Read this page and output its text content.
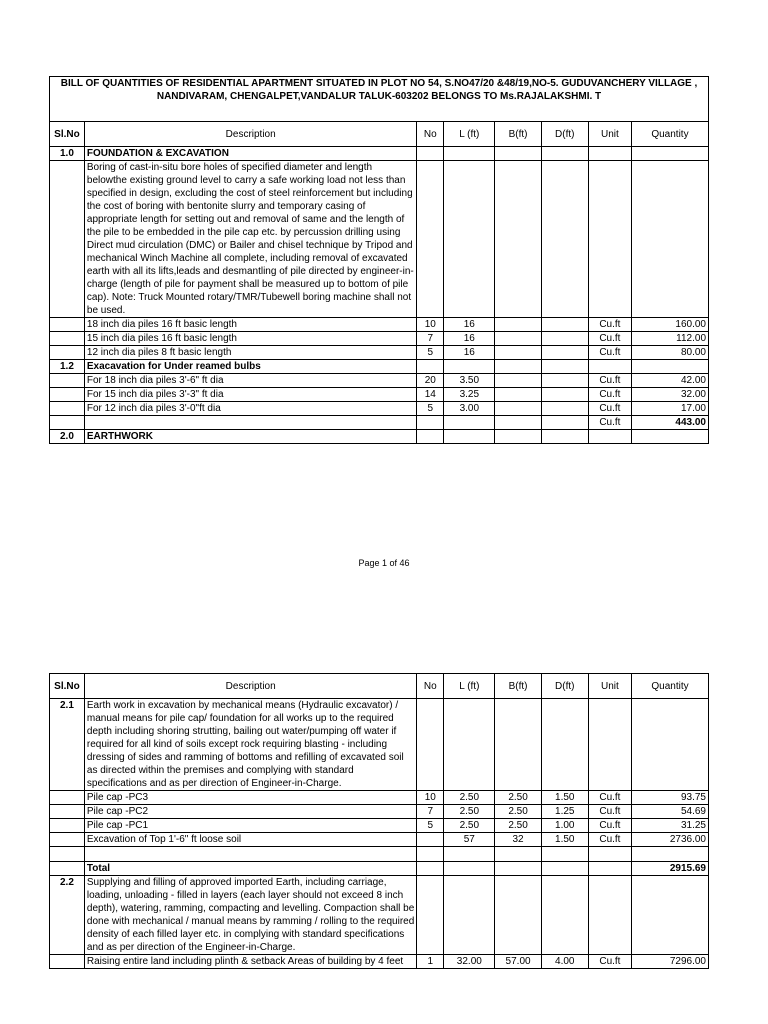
BILL OF QUANTITIES OF RESIDENTIAL APARTMENT SITUATED IN PLOT NO 54, S.NO47/20 &48/19,NO-5. GUDUVANCHERY VILLAGE , NANDIVARAM, CHENGALPET,VANDALUR TALUK-603202 BELONGS TO Ms.RAJALAKSHMI. T							
Sl.No	Description	No	L (ft)	B(ft)	D(ft)	Unit	Quantity
1.0	FOUNDATION & EXCAVATION						
	Boring of cast-in-situ bore holes of specified diameter and length belowthe existing ground level to carry a safe working load not less than specified in design, excluding the cost of steel reinforcement but including the cost of boring with bentonite slurry and temporary casing of appropriate length for setting out and removal of same and the length of the pile to be embedded in the pile cap etc. by percussion drilling using Direct mud circulation (DMC) or Bailer and chisel technique by Tripod and mechanical Winch Machine all complete, including removal of excavated earth with all its lifts,leads and desmantling of pile directed by engineer-in-charge (length of pile for payment shall be measured up to bottom of pile cap). Note: Truck Mounted rotary/TMR/Tubewell boring machine shall not be used.						
	18 inch dia piles 16 ft basic length	10	16			Cu.ft	160.00
	15 inch dia piles 16 ft basic length	7	16			Cu.ft	112.00
	12 inch dia piles 8 ft basic length	5	16			Cu.ft	80.00
1.2	Exacavation for Under reamed bulbs						
	For 18 inch dia piles 3'-6" ft dia	20	3.50			Cu.ft	42.00
	For 15 inch dia piles 3'-3" ft dia	14	3.25			Cu.ft	32.00
	For 12 inch dia piles 3'-0"ft dia	5	3.00			Cu.ft	17.00
						Cu.ft	443.00
2.0	EARTHWORK						
Page 1 of 46
Sl.No	Description	No	L (ft)	B(ft)	D(ft)	Unit	Quantity
2.1	Earth work in excavation by mechanical means (Hydraulic excavator) / manual means for pile cap/ foundation for all works up to the required depth including shoring strutting, bailing out water/pumping off water if required for all kind of soils except rock requiring blasting - including dressing of sides and ramming of bottoms and refilling of excavated soil as directed within the premises and complying with standard specifications and as per direction of Engineer-in-Charge.						
	Pile cap -PC3	10	2.50	2.50	1.50	Cu.ft	93.75
	Pile cap -PC2	7	2.50	2.50	1.25	Cu.ft	54.69
	Pile cap -PC1	5	2.50	2.50	1.00	Cu.ft	31.25
	Excavation of Top 1'-6" ft loose soil		57	32	1.50	Cu.ft	2736.00

	Total						2915.69
2.2	Supplying and filling of approved imported Earth, including carriage, loading, unloading - filled in layers (each layer should not exceed 8 inch depth), watering, ramming, compacting and levelling. Compaction shall be done with mechanical / manual means by ramming / rolling to the required density of each filled layer etc. in complying with standard specifications and as per direction of the Engineer-in-Charge.						
	Raising entire land including plinth & setback Areas of building by 4 feet	1	32.00	57.00	4.00	Cu.ft	7296.00
